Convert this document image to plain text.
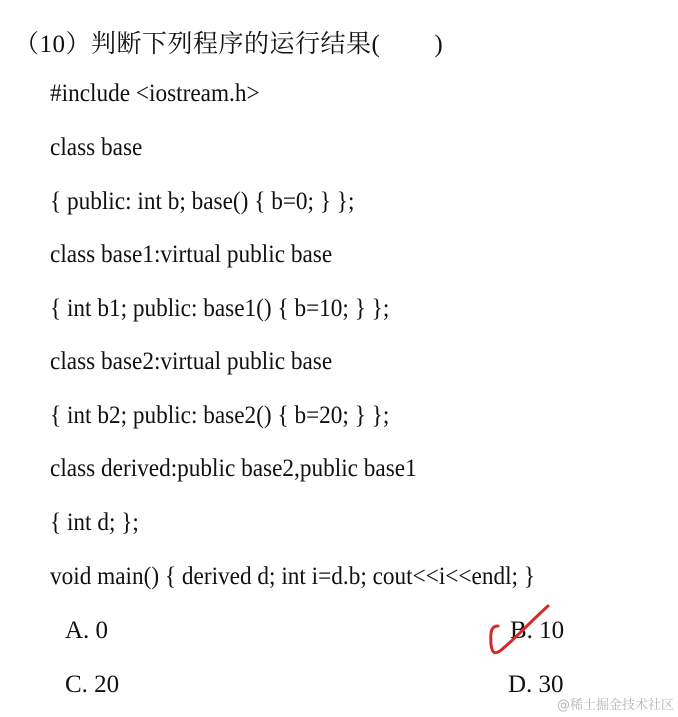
（10）判断下列程序的运行结果(        )
#include <iostream.h>
class base
{ public: int b; base() { b=0; } };
class base1:virtual public base
{ int b1; public: base1() { b=10; } };
class base2:virtual public base
{ int b2; public: base2() { b=20; } };
class derived:public base2,public base1
{ int d; };
void main() { derived d; int i=d.b; cout<<i<<endl; }
A. 0	B. 10
C. 20	D. 30
@稀土掘金技术社区
